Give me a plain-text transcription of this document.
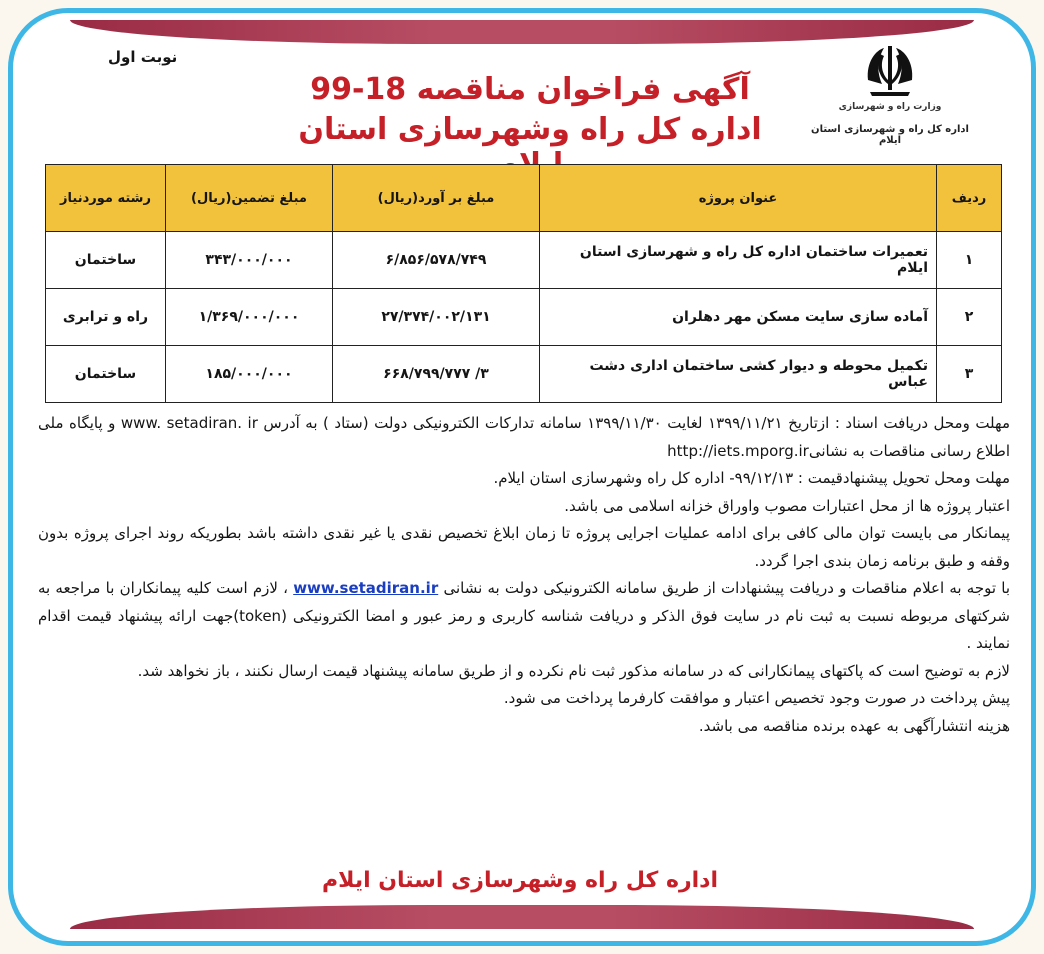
نوبت اول
وزارت راه و شهرسازی
اداره کل راه و شهرسازی استان ایلام
آگهی فراخوان مناقصه 18-99
اداره کل راه وشهرسازی استان
ردیف	عنوان پروژه	مبلغ بر آورد(ریال)	مبلغ تضمین(ریال)	رشته موردنیاز
۱	تعمیرات ساختمان اداره کل راه و شهرسازی استان ایلام	۶/۸۵۶/۵۷۸/۷۴۹	۳۴۳/۰۰۰/۰۰۰	ساختمان
۲	آماده سازی سایت مسکن مهر دهلران	۲۷/۳۷۴/۰۰۲/۱۳۱	۱/۳۶۹/۰۰۰/۰۰۰	راه و ترابری
۳	تکمیل محوطه و دیوار کشی ساختمان اداری دشت عباس	۳/ ۶۶۸/۷۹۹/۷۷۷	۱۸۵/۰۰۰/۰۰۰	ساختمان

مهلت ومحل دریافت اسناد : ازتاریخ ۱۳۹۹/۱۱/۲۱ لغایت ۱۳۹۹/۱۱/۳۰ سامانه تدارکات الکترونیکی دولت (ستاد ) به آدرس www. setadiran. ir و پایگاه ملی اطلاع رسانی مناقصات به نشانیhttp://iets.mporg.ir

مهلت ومحل تحویل پیشنهادقیمت : ۹۹/۱۲/۱۳- اداره کل راه وشهرسازی استان ایلام.

اعتبار پروژه ها از محل اعتبارات مصوب واوراق خزانه اسلامی می باشد.

پیمانکار می بایست توان مالی کافی برای ادامه عملیات اجرایی پروژه تا زمان ابلاغ تخصیص نقدی یا غیر نقدی داشته باشد بطوریکه روند اجرای پروژه بدون وقفه و طبق برنامه زمان بندی اجرا گردد.

با توجه به اعلام مناقصات و دریافت پیشنهادات از طریق سامانه الکترونیکی دولت به نشانی www.setadiran.ir ، لازم است کلیه پیمانکاران با مراجعه به شرکتهای مربوطه نسبت به ثبت نام در سایت فوق الذکر و دریافت شناسه کاربری و رمز عبور و امضا الکترونیکی (token)جهت ارائه پیشنهاد قیمت اقدام نمایند .

لازم به توضیح است که پاکتهای پیمانکارانی که در سامانه مذکور ثبت نام نکرده و از طریق سامانه پیشنهاد قیمت ارسال نکنند ، باز نخواهد شد.

پیش پرداخت در صورت وجود تخصیص اعتبار و موافقت کارفرما پرداخت می شود.

هزینه انتشارآگهی به عهده برنده مناقصه می باشد.

اداره کل راه وشهرسازی استان ایلام
